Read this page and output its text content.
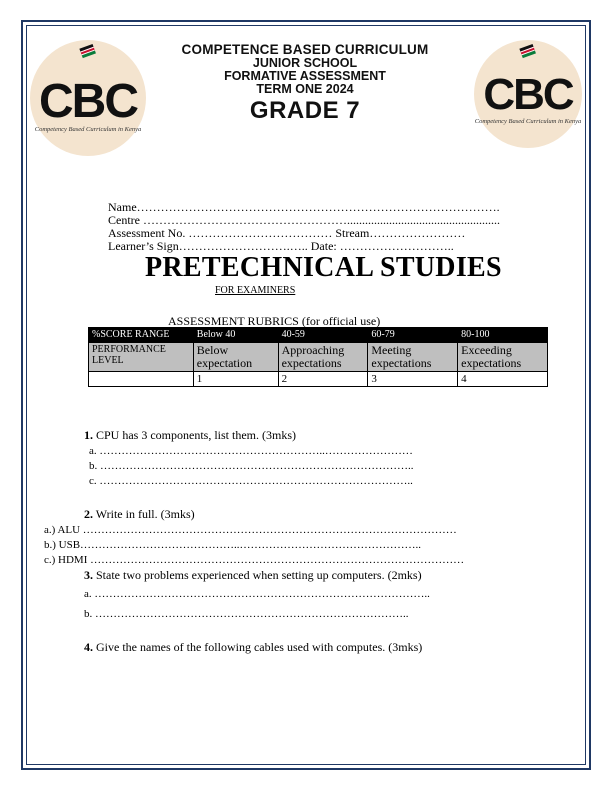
CBC
Competency Based Curriculum in Kenya
CBC
Competency Based Curriculum in Kenya
COMPETENCE BASED CURRICULUM
JUNIOR SCHOOL
FORMATIVE ASSESSMENT
TERM ONE 2024
GRADE 7
Name……………………………………………………………………………….
Centre ……………………………………………...................................................
Assessment No. ……………………………… Stream……………………
Learner’s Sign……………………….….. Date: ………………………..
PRETECHNICAL STUDIES
FOR EXAMINERS
ASSESSMENT RUBRICS (for official use)
%SCORE RANGE	Below 40	40-59	60-79	80-100
PERFORMANCE LEVEL	Below expectation	Approaching expectations	Meeting expectations	Exceeding expectations
	1	2	3	4
1. CPU has 3 components, list them. (3mks)
a. ……………………………………………………..……………………
b. …………………………………………………………………………..
c. …………………………………………………………………………..
2. Write in full. (3mks)
a.) ALU …………………………………………………………………………………………
b.) USB……………………………………..…………………………………………..
c.) HDMI …………………………………………………………………………………………
3. State two problems experienced when setting up computers. (2mks)
a. ………………………………………………………………………………..
b. …………………………………………………………………………..
4. Give the names of the following cables used with computes. (3mks)
